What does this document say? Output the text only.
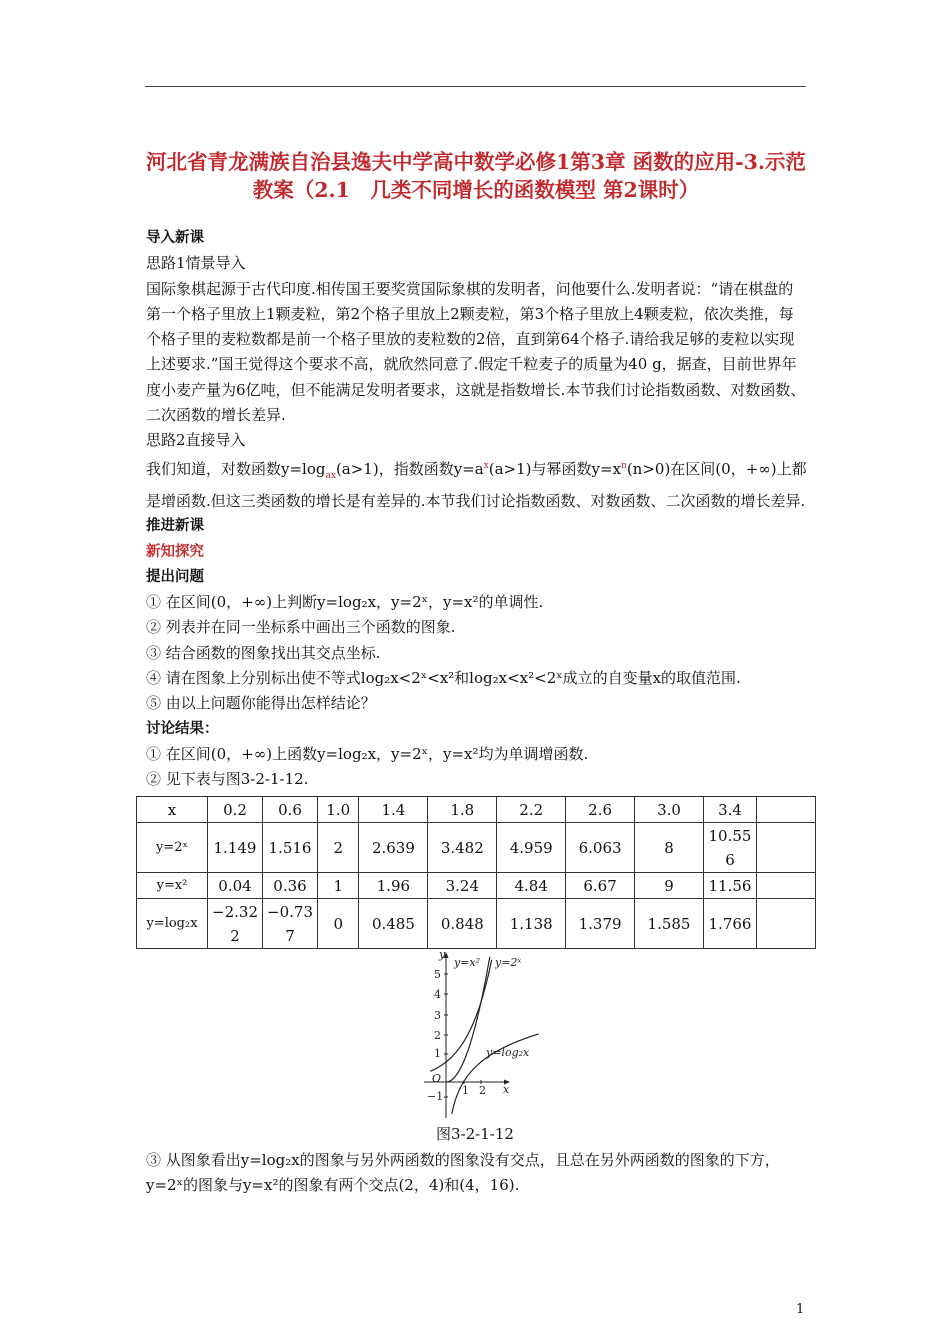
河北省青龙满族自治县逸夫中学高中数学必修1第3章 函数的应用-3.示范教案（2.1　几类不同增长的函数模型 第2课时）

导入新课

思路1情景导入

国际象棋起源于古代印度.相传国王要奖赏国际象棋的发明者，问他要什么.发明者说：“请在棋盘的第一个格子里放上1颗麦粒，第2个格子里放上2颗麦粒，第3个格子里放上4颗麦粒，依次类推，每个格子里的麦粒数都是前一个格子里放的麦粒数的2倍，直到第64个格子.请给我足够的麦粒以实现上述要求.”国王觉得这个要求不高，就欣然同意了.假定千粒麦子的质量为40 g，据查，目前世界年度小麦产量为6亿吨，但不能满足发明者要求，这就是指数增长.本节我们讨论指数函数、对数函数、二次函数的增长差异.

思路2直接导入

我们知道，对数函数$y=\log_{ax}(a>1)$，指数函数$y=a^x(a>1)$与幂函数$y=x^n(n>0)$在区间(0，+∞)上都是增函数.但这三类函数的增长是有差异的.本节我们讨论指数函数、对数函数、二次函数的增长差异.

推进新课

新知探究

提出问题

① 在区间(0，+∞)上判断y=log₂x，y=2ˣ，y=x²的单调性.

② 列表并在同一坐标系中画出三个函数的图象.

③ 结合函数的图象找出其交点坐标.

④ 请在图象上分别标出使不等式log₂x<2ˣ<x²和log₂x<x²<2ˣ成立的自变量x的取值范围.

⑤ 由以上问题你能得出怎样结论？

讨论结果：

① 在区间(0，+∞)上函数y=log₂x，y=2ˣ，y=x²均为单调增函数.

② 见下表与图3-2-1-12.

x	0.2	0.6	1.0	1.4	1.8	2.2	2.6	3.0	3.4	
y=2ˣ	1.149	1.516	2	2.639	3.482	4.959	6.063	8	10.556	
y=x²	0.04	0.36	1	1.96	3.24	4.84	6.67	9	11.56	
y=log₂x	−2.322	−0.737	0	0.485	0.848	1.138	1.379	1.585	1.766	
y
5
4
3
2
1
−1
O
1 2 x
y=x² y=2ˣ
y=log₂x
图3-2-1-12

③ 从图象看出y=log₂x的图象与另外两函数的图象没有交点，且总在另外两函数的图象的下方，y=2ˣ的图象与y=x²的图象有两个交点(2，4)和(4，16).

1
